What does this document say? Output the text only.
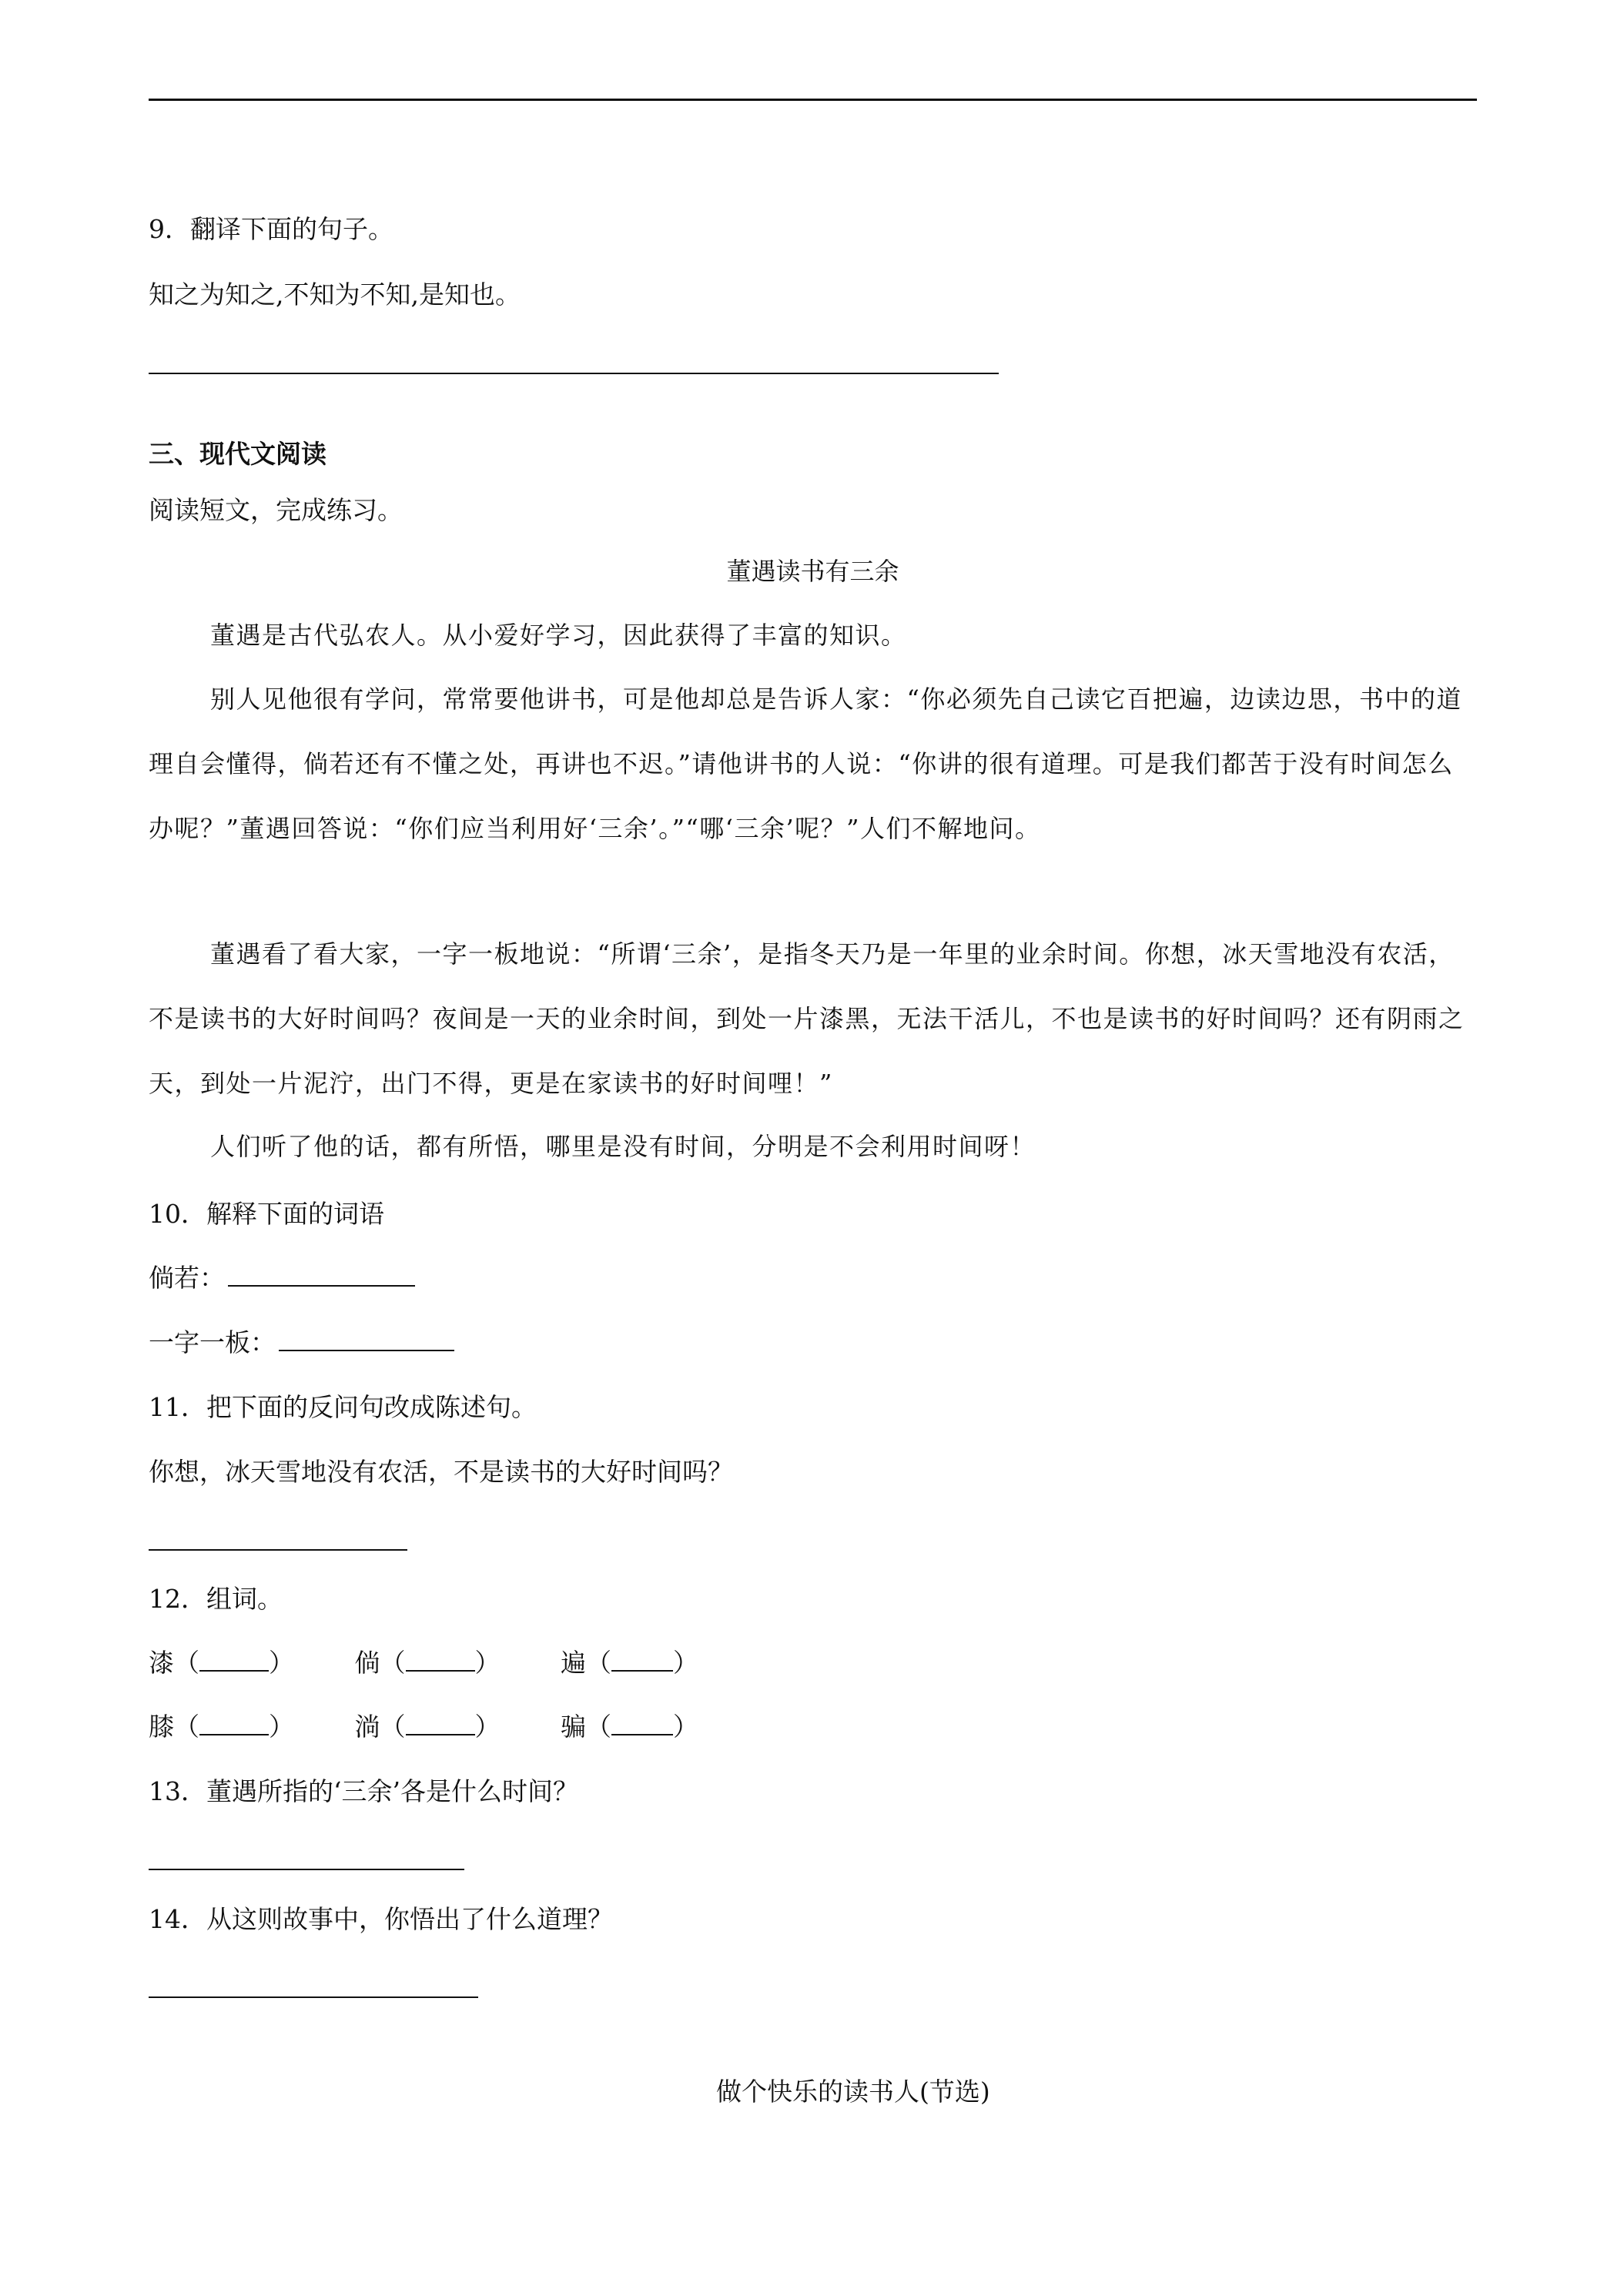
9．翻译下面的句子。
知之为知之,不知为不知,是知也。
三、现代文阅读
阅读短文，完成练习。
董遇读书有三余
董遇是古代弘农人。从小爱好学习，因此获得了丰富的知识。
别人见他很有学问，常常要他讲书，可是他却总是告诉人家：“你必须先自己读它百把遍，边读边思，书中的道理自会懂得，倘若还有不懂之处，再讲也不迟。”请他讲书的人说：“你讲的很有道理。可是我们都苦于没有时间怎么办呢？”董遇回答说：“你们应当利用好‘三余’。”“哪‘三余’呢？”人们不解地问。
董遇看了看大家，一字一板地说：“所谓‘三余’，是指冬天乃是一年里的业余时间。你想，冰天雪地没有农活，不是读书的大好时间吗？夜间是一天的业余时间，到处一片漆黑，无法干活儿，不也是读书的好时间吗？还有阴雨之天，到处一片泥泞，出门不得，更是在家读书的好时间哩！”
人们听了他的话，都有所悟，哪里是没有时间，分明是不会利用时间呀！
10．解释下面的词语
倘若：
一字一板：
11．把下面的反问句改成陈述句。
你想，冰天雪地没有农活，不是读书的大好时间吗？
12．组词。
漆（	） 倘（	） 遍（ ）
膝（	） 淌（	） 骗（ ）
13．董遇所指的‘三余’各是什么时间？
14．从这则故事中，你悟出了什么道理？
做个快乐的读书人(节选)
